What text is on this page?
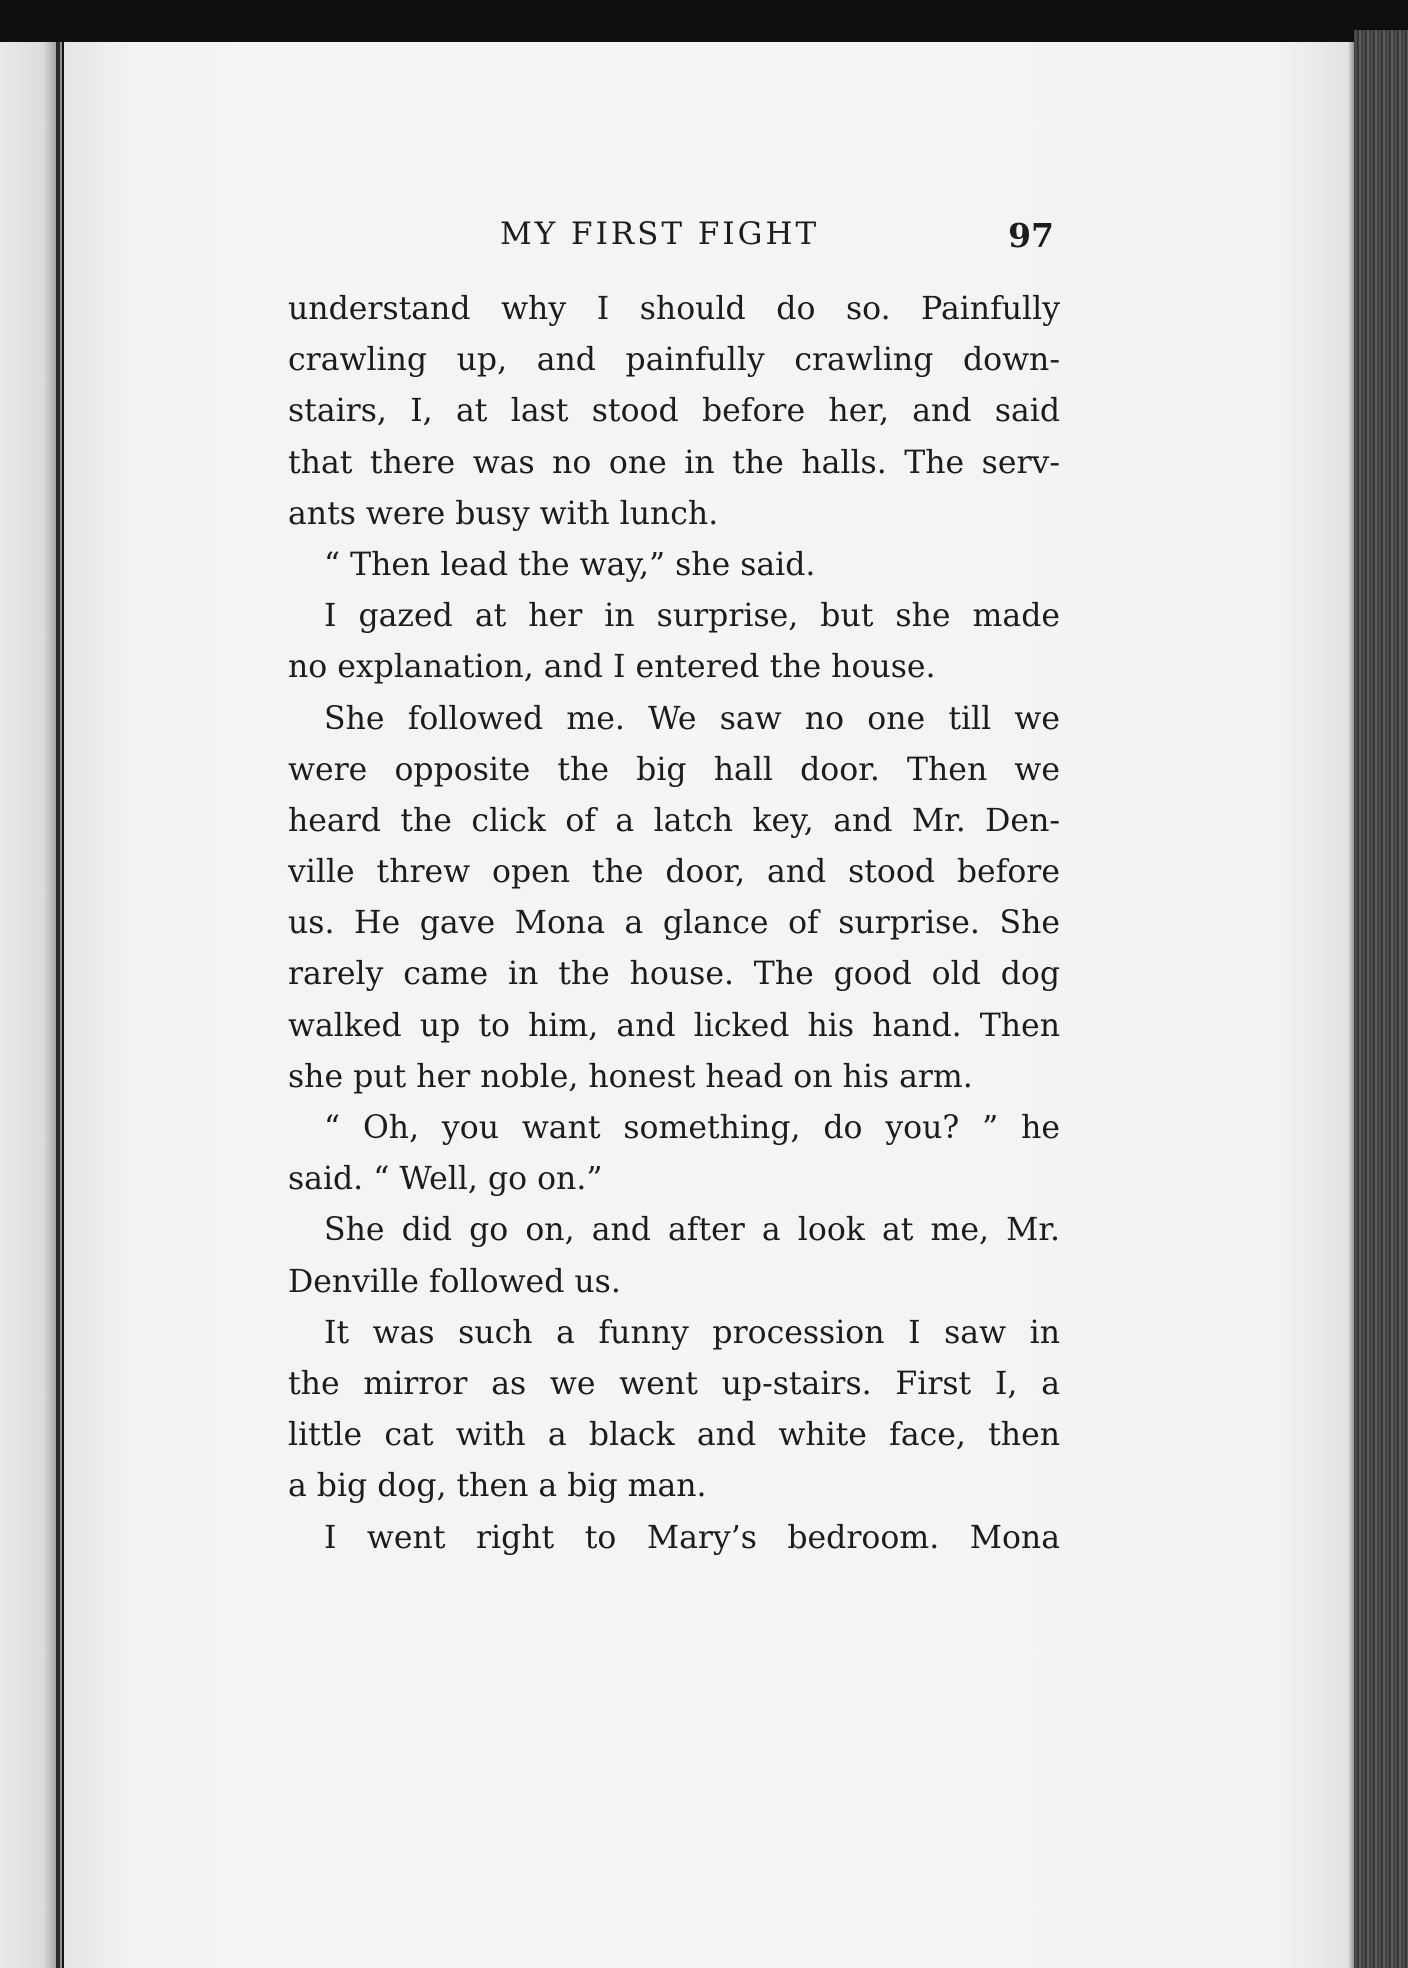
MY FIRST FIGHT	97
understand why I should do so. Painfully
crawling up, and painfully crawling down-
stairs, I, at last stood before her, and said
that there was no one in the halls. The serv-
ants were busy with lunch.
“ Then lead the way,” she said.
I gazed at her in surprise, but she made
no explanation, and I entered the house.
She followed me. We saw no one till we
were opposite the big hall door. Then we
heard the click of a latch key, and Mr. Den-
ville threw open the door, and stood before
us. He gave Mona a glance of surprise. She
rarely came in the house. The good old dog
walked up to him, and licked his hand. Then
she put her noble, honest head on his arm.
“ Oh, you want something, do you? ” he
said. “ Well, go on.”
She did go on, and after a look at me, Mr.
Denville followed us.
It was such a funny procession I saw in
the mirror as we went up-stairs. First I, a
little cat with a black and white face, then
a big dog, then a big man.
I went right to Mary’s bedroom. Mona
